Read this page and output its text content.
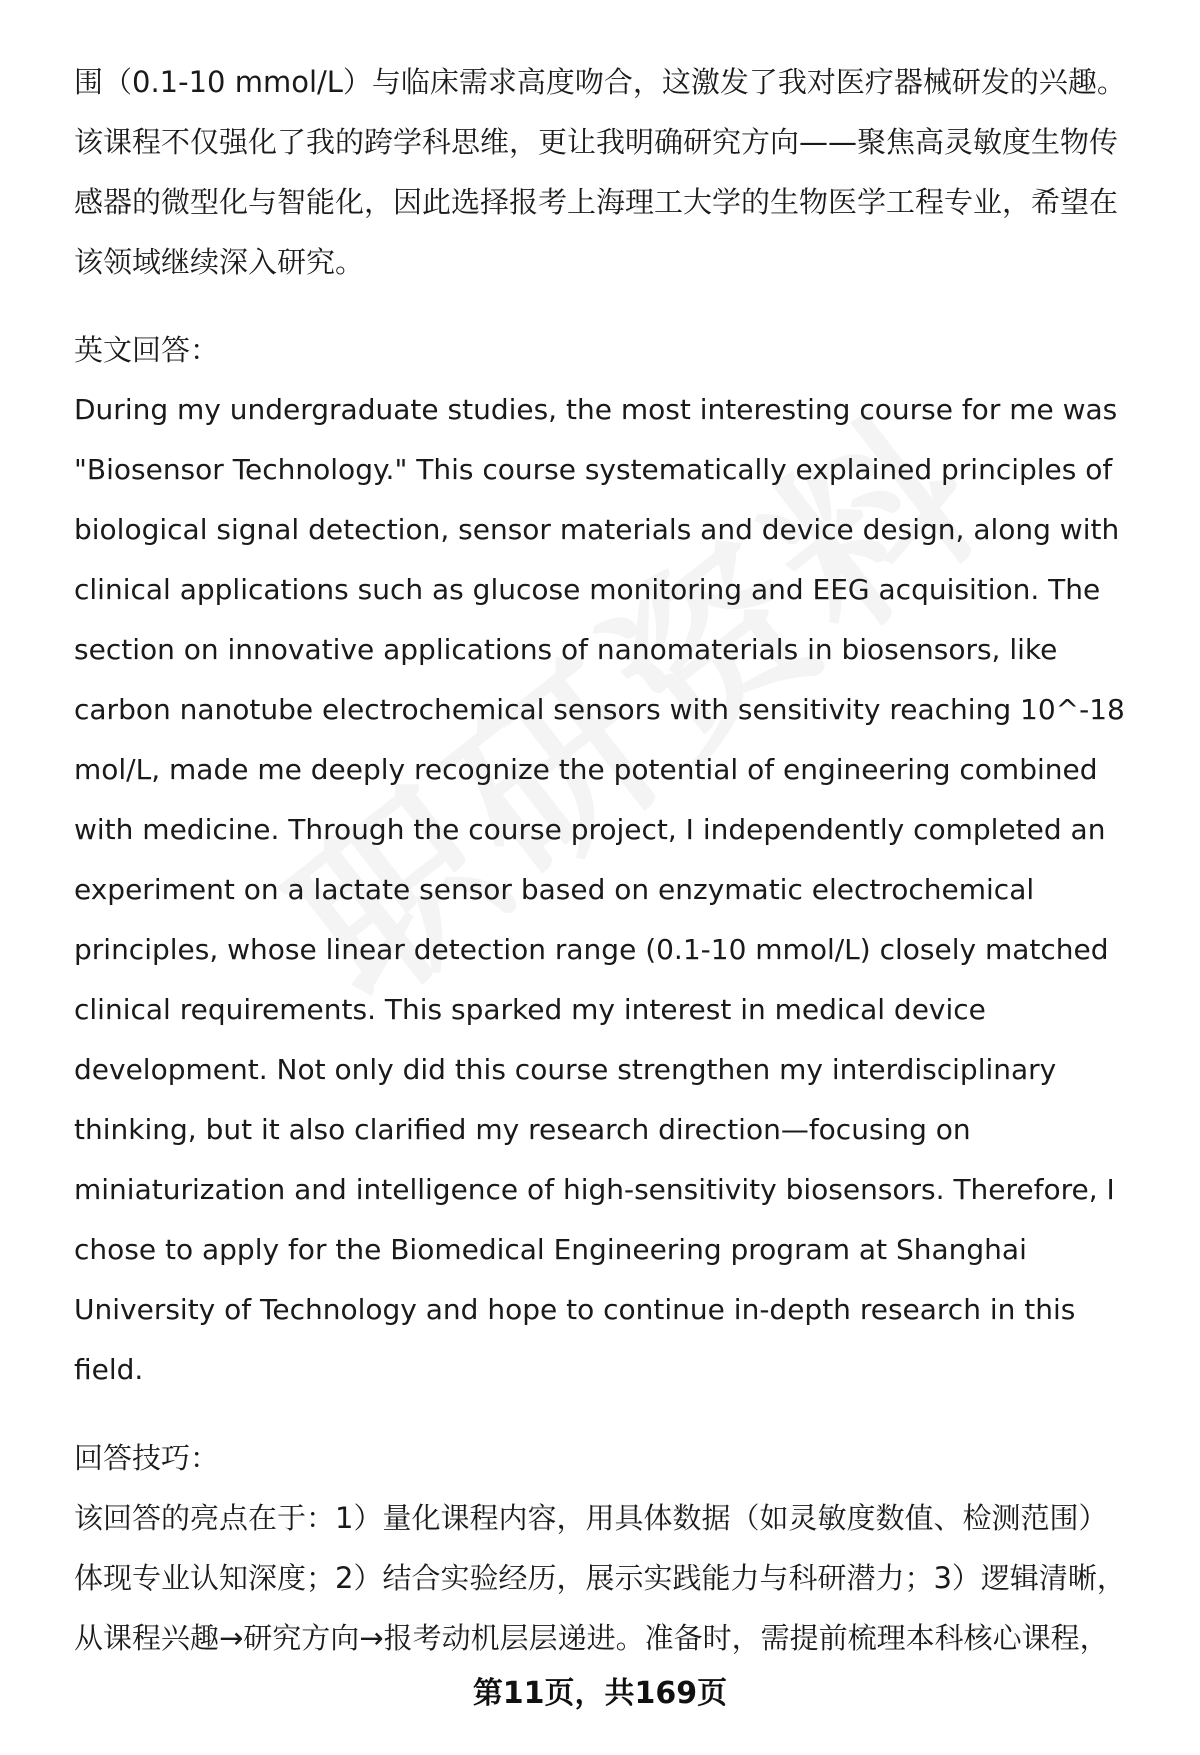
围（0.1-10 mmol/L）与临床需求高度吻合，这激发了我对医疗器械研发的兴趣。该课程不仅强化了我的跨学科思维，更让我明确研究方向——聚焦高灵敏度生物传感器的微型化与智能化，因此选择报考上海理工大学的生物医学工程专业，希望在该领域继续深入研究。

英文回答：

During my undergraduate studies, the most interesting course for me was "Biosensor Technology." This course systematically explained principles of biological signal detection, sensor materials and device design, along with clinical applications such as glucose monitoring and EEG acquisition. The section on innovative applications of nanomaterials in biosensors, like carbon nanotube electrochemical sensors with sensitivity reaching 10^-18 mol/L, made me deeply recognize the potential of engineering combined with medicine. Through the course project, I independently completed an experiment on a lactate sensor based on enzymatic electrochemical principles, whose linear detection range (0.1-10 mmol/L) closely matched clinical requirements. This sparked my interest in medical device development. Not only did this course strengthen my interdisciplinary thinking, but it also clarified my research direction—focusing on miniaturization and intelligence of high-sensitivity biosensors. Therefore, I chose to apply for the Biomedical Engineering program at Shanghai University of Technology and hope to continue in-depth research in this field.

回答技巧：

该回答的亮点在于：1）量化课程内容，用具体数据（如灵敏度数值、检测范围）体现专业认知深度；2）结合实验经历，展示实践能力与科研潜力；3）逻辑清晰，从课程兴趣→研究方向→报考动机层层递进。准备时，需提前梳理本科核心课程，

第11页，共169页
